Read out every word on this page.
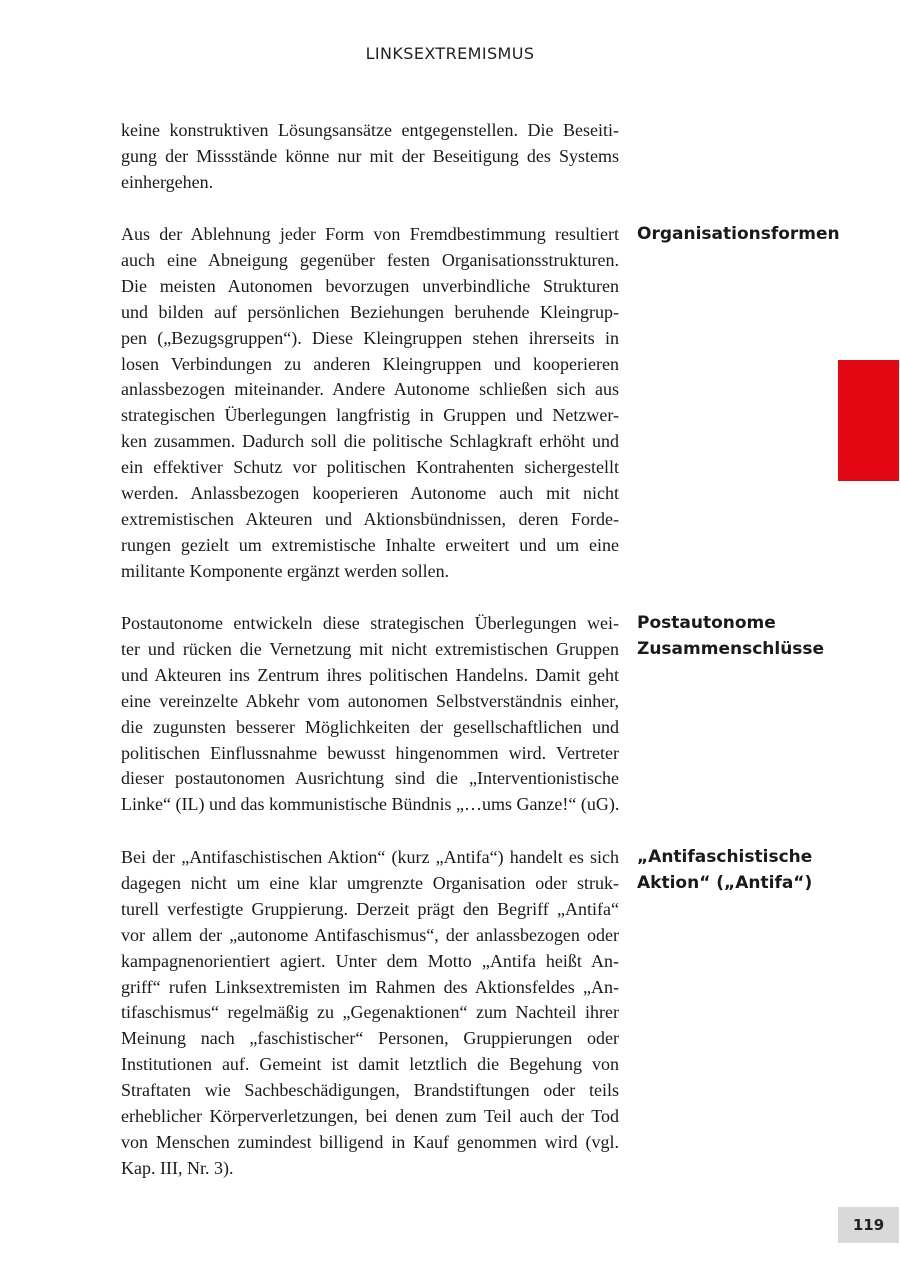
LINKSEXTREMISMUS

keine konstruktiven Lösungsansätze entgegenstellen. Die Beseiti-
gung der Missstände könne nur mit der Beseitigung des Systems
einhergehen.

Organisationsformen

Aus der Ablehnung jeder Form von Fremdbestimmung resultiert
auch eine Abneigung gegenüber festen Organisationsstrukturen.
Die meisten Autonomen bevorzugen unverbindliche Strukturen
und bilden auf persönlichen Beziehungen beruhende Kleingrup-
pen („Bezugsgruppen“). Diese Kleingruppen stehen ihrerseits in
losen Verbindungen zu anderen Kleingruppen und kooperieren
anlassbezogen miteinander. Andere Autonome schließen sich aus
strategischen Überlegungen langfristig in Gruppen und Netzwer-
ken zusammen. Dadurch soll die politische Schlagkraft erhöht und
ein effektiver Schutz vor politischen Kontrahenten sichergestellt
werden. Anlassbezogen kooperieren Autonome auch mit nicht
extremistischen Akteuren und Aktionsbündnissen, deren Forde-
rungen gezielt um extremistische Inhalte erweitert und um eine
militante Komponente ergänzt werden sollen.

Postautonome
Zusammenschlüsse

Postautonome entwickeln diese strategischen Überlegungen wei-
ter und rücken die Vernetzung mit nicht extremistischen Gruppen
und Akteuren ins Zentrum ihres politischen Handelns. Damit geht
eine vereinzelte Abkehr vom autonomen Selbstverständnis einher,
die zugunsten besserer Möglichkeiten der gesellschaftlichen und
politischen Einflussnahme bewusst hingenommen wird. Vertreter
dieser postautonomen Ausrichtung sind die „Interventionistische
Linke“ (IL) und das kommunistische Bündnis „…ums Ganze!“ (uG).

„Antifaschistische
Aktion“ („Antifa“)

Bei der „Antifaschistischen Aktion“ (kurz „Antifa“) handelt es sich
dagegen nicht um eine klar umgrenzte Organisation oder struk-
turell verfestigte Gruppierung. Derzeit prägt den Begriff „Antifa“
vor allem der „autonome Antifaschismus“, der anlassbezogen oder
kampagnenorientiert agiert. Unter dem Motto „Antifa heißt An-
griff“ rufen Linksextremisten im Rahmen des Aktionsfeldes „An-
tifaschismus“ regelmäßig zu „Gegenaktionen“ zum Nachteil ihrer
Meinung nach „faschistischer“ Personen, Gruppierungen oder
Institutionen auf. Gemeint ist damit letztlich die Begehung von
Straftaten wie Sachbeschädigungen, Brandstiftungen oder teils
erheblicher Körperverletzungen, bei denen zum Teil auch der Tod
von Menschen zumindest billigend in Kauf genommen wird (vgl.
Kap. III, Nr. 3).

119
